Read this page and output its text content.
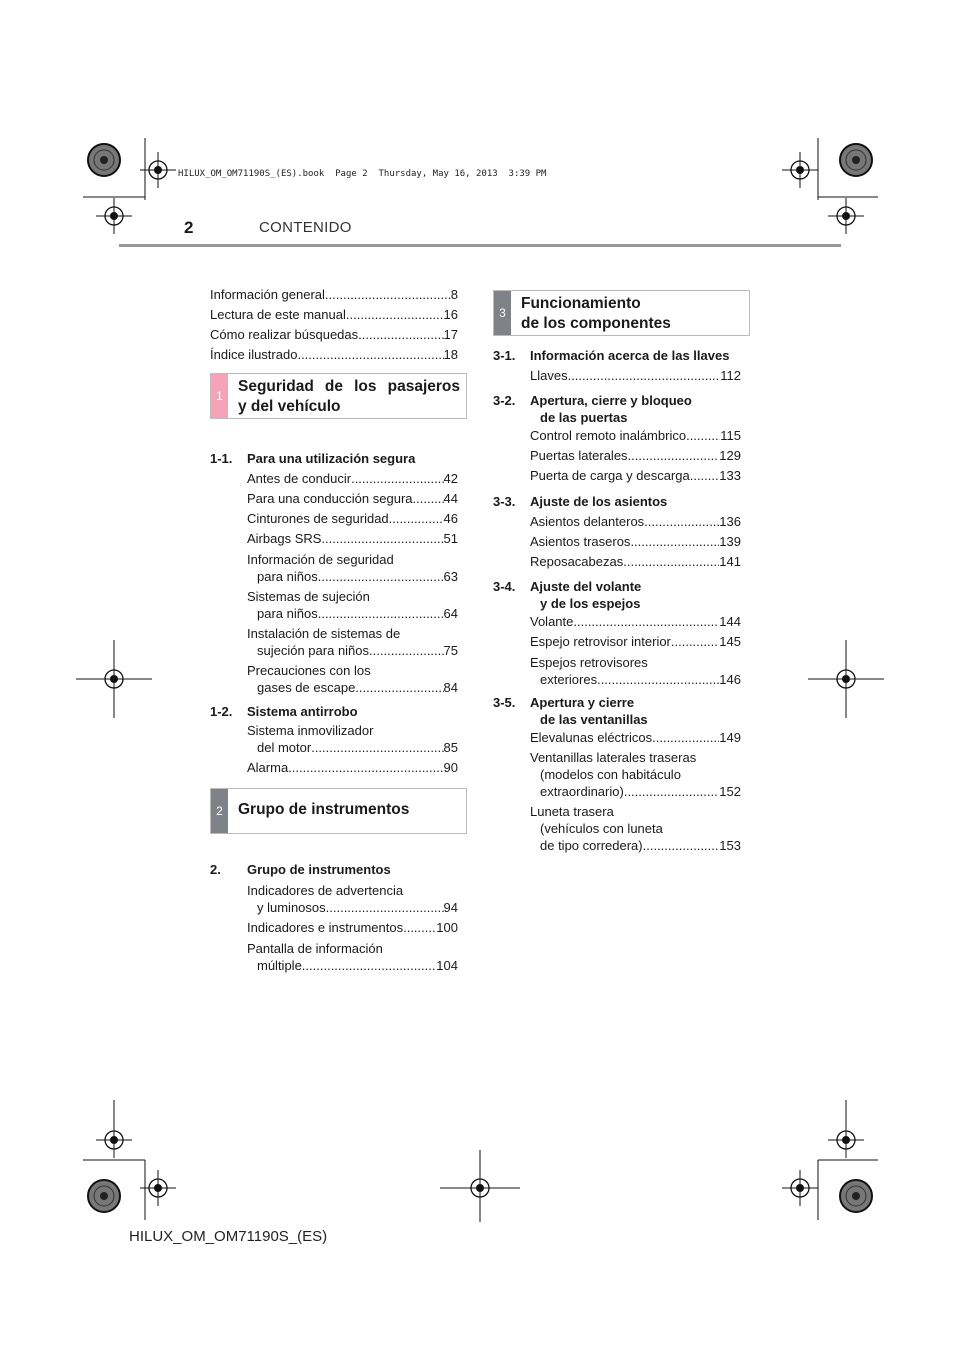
HILUX_OM_OM71190S_(ES).book  Page 2  Thursday, May 16, 2013  3:39 PM
2	CONTENIDO
Información general .....	8
Lectura de este manual .....	16
Cómo realizar búsquedas .....	17
Índice ilustrado .....	18
1
Seguridad de los pasajeros
y del vehículo
1-1.	Para una utilización segura
Antes de conducir .....	42
Para una conducción segura ..... 44
Cinturones de seguridad .....	46
Airbags SRS .....	51
Información de seguridad
para niños .....	63
Sistemas de sujeción
para niños .....	64
Instalación de sistemas de
sujeción para niños .....	75
Precauciones con los
gases de escape .....	84
1-2.	Sistema antirrobo
Sistema inmovilizador
del motor .....	85
Alarma .....	90
2 Grupo de instrumentos
2.	Grupo de instrumentos
Indicadores de advertencia
y luminosos .....	94
Indicadores e instrumentos .....	100
Pantalla de información
múltiple .....	104
3
Funcionamiento
de los componentes
3-1.	Información acerca de las llaves
Llaves .....	112
3-2.	Apertura, cierre y bloqueo
de las puertas
Control remoto inalámbrico .....	115
Puertas laterales .....	129
Puerta de carga y descarga ..... 133
3-3.	Ajuste de los asientos
Asientos delanteros .....	136
Asientos traseros .....	139
Reposacabezas .....	141
3-4.	Ajuste del volante
y de los espejos
Volante .....	144
Espejo retrovisor interior .....	145
Espejos retrovisores
exteriores .....	146
3-5.	Apertura y cierre
de las ventanillas
Elevalunas eléctricos .....	149
Ventanillas laterales traseras
(modelos con habitáculo
extraordinario) .....	152
Luneta trasera
(vehículos con luneta
de tipo corredera) .....	153
HILUX_OM_OM71190S_(ES)
